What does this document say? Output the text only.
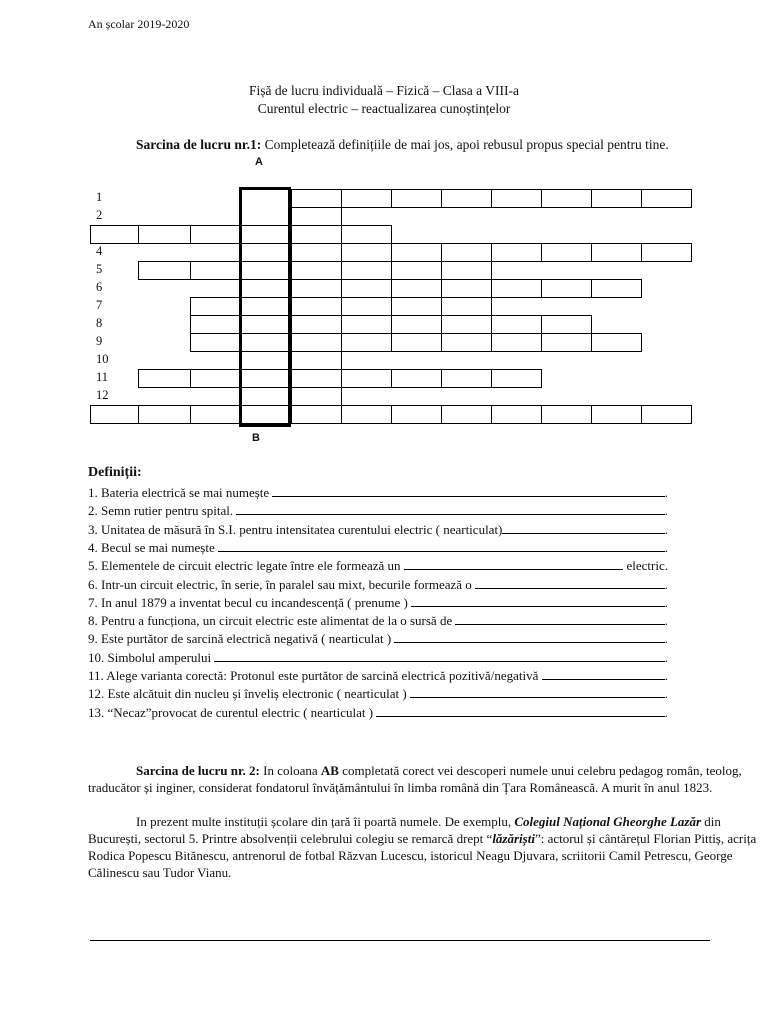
An școlar 2019-2020
Fișă de lucru individuală – Fizică – Clasa a VIII-a
Curentul electric – reactualizarea cunoștințelor
Sarcina de lucru nr.1: Completează definițiile de mai jos, apoi rebusul propus special pentru tine.
A
B
1
2
4
5
6
7
8
9
10
11
12
Definiții:
1. Bateria electrică se mai numește	.
2. Semn rutier pentru spital.	.
3. Unitatea de măsură în S.I. pentru intensitatea curentului electric ( nearticulat)	.
4. Becul se mai numește	.
5. Elementele de circuit electric legate între ele formează un	electric.
6. Intr-un circuit electric, în serie, în paralel sau mixt, becurile formează o	.
7. In anul 1879 a inventat becul cu incandescență ( prenume )	.
8. Pentru a funcționa, un circuit electric este alimentat de la o sursă de	.
9. Este purtător de sarcină electrică negativă ( nearticulat )	.
10. Simbolul amperului	.
11. Alege varianta corectă: Protonul este purtător de sarcină electrică pozitivă/negativă	.
12. Este alcătuit din nucleu și înveliș electronic ( nearticulat )	.
13. “Necaz”provocat de curentul electric ( nearticulat )	.
Sarcina de lucru nr. 2: In coloana AB completată corect vei descoperi numele unui celebru pedagog român, teolog, traducător și inginer, considerat fondatorul învățământului în limba română din Țara Românească. A murit în anul 1823.
In prezent multe instituții școlare din țară îi poartă numele. De exemplu, Colegiul Național Gheorghe Lazăr din București, sectorul 5. Printre absolvenții celebrului colegiu se remarcă drept “lăzăriști”: actorul și cântărețul Florian Pittiș, acrița Rodica Popescu Bitănescu, antrenorul de fotbal Răzvan Lucescu, istoricul Neagu Djuvara, scriitorii Camil Petrescu, George Călinescu sau Tudor Vianu.
